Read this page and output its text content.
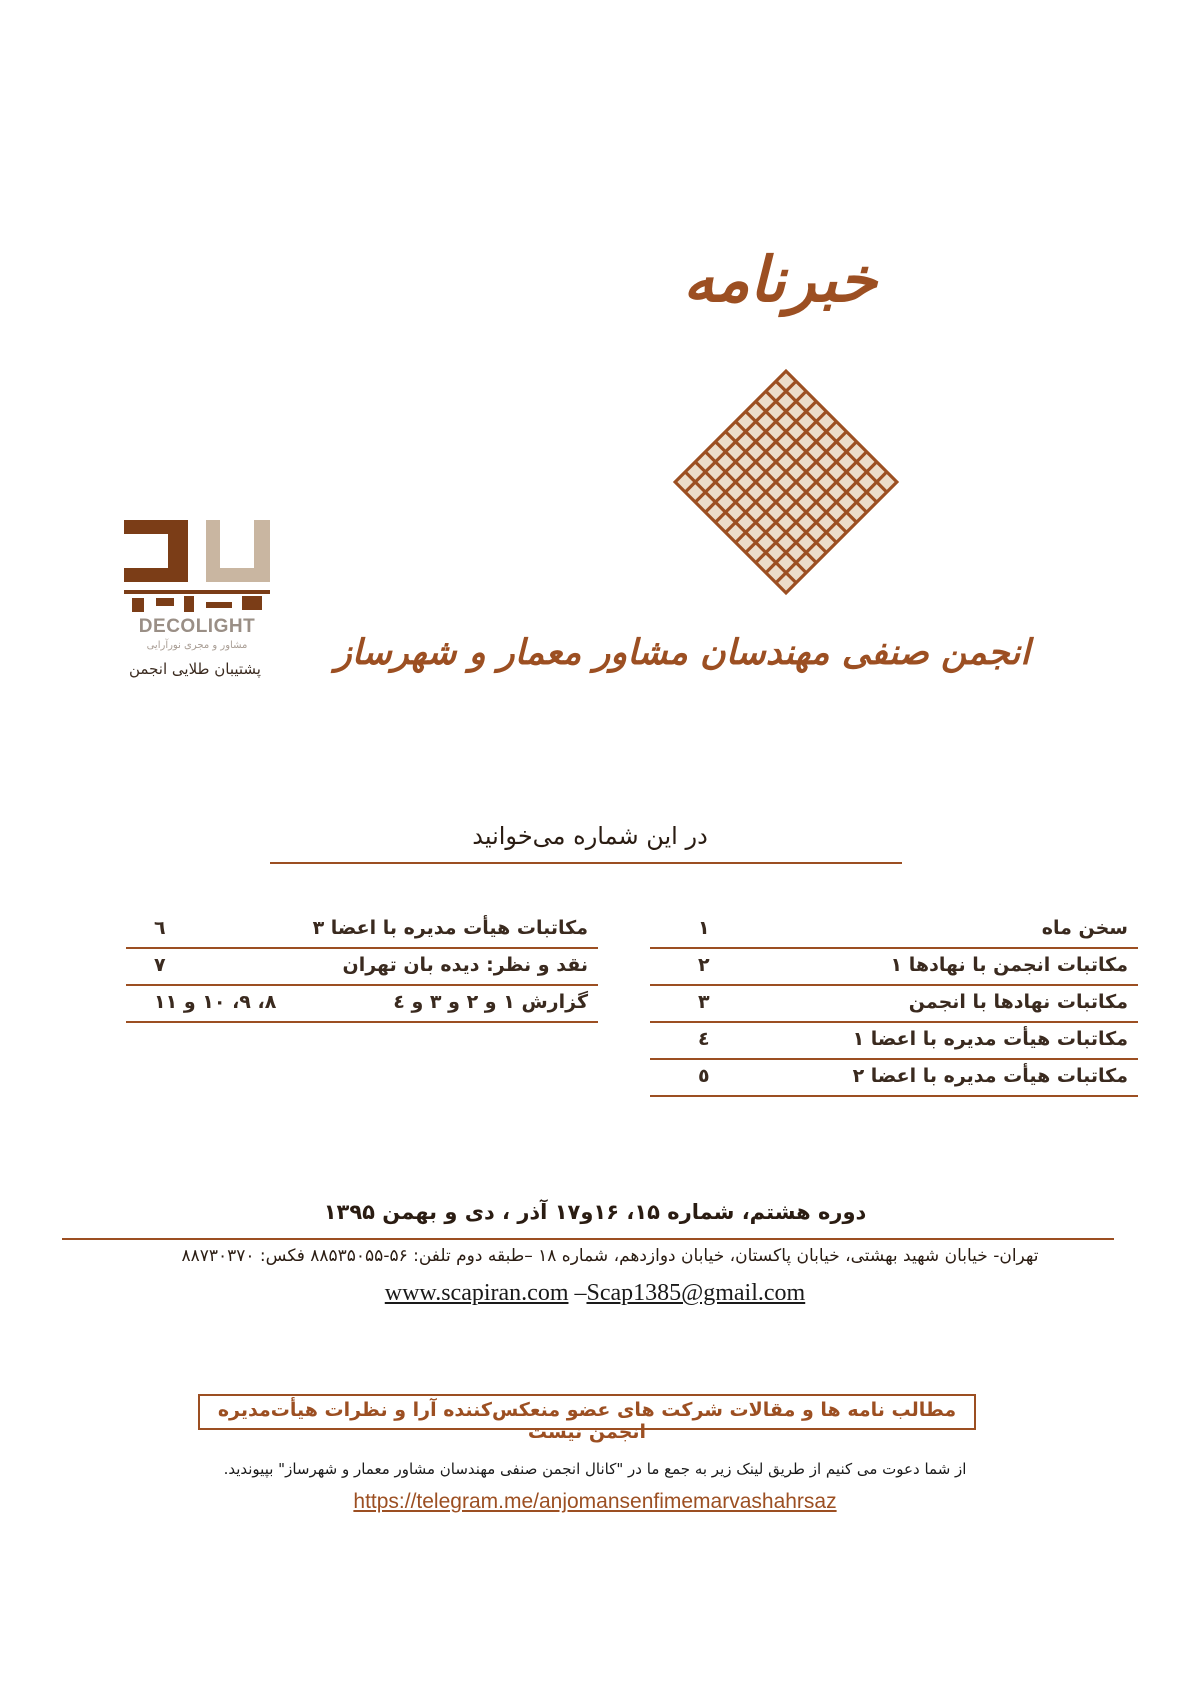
خبرنامه
انجمن صنفی مهندسان مشاور معمار و شهرساز
DECOLIGHT
مشاور و مجری نورآرایی
پشتیبان طلایی انجمن
در این شماره می‌خوانید
سخن ماه
۱
مکاتبات انجمن با نهادها ۱
۲
مکاتبات نهادها با انجمن
۳
مکاتبات هیأت مدیره با اعضا ۱
٤
مکاتبات هیأت مدیره با اعضا ۲
٥
مکاتبات هیأت مدیره با اعضا ۳
٦
نقد و نظر: دیده بان تهران
۷
گزارش ۱ و ۲ و ۳ و ٤
۸، ۹، ۱۰ و ۱۱
دوره هشتم، شماره ۱۵، ۱۶و۱۷ آذر ، دی و بهمن ۱۳۹۵
تهران- خیابان شهید بهشتی، خیابان پاکستان، خیابان دوازدهم، شماره ۱۸ –طبقه دوم تلفن: ۵۶-۸۸۵۳۵۰۵۵ فکس: ۸۸۷۳۰۳۷۰
www.scapiran.com –Scap1385@gmail.com
مطالب نامه ها و مقالات شرکت های عضو منعکس‌کننده آرا و نظرات هیأت‌مدیره انجمن نیست
از شما دعوت می کنیم از طریق لینک زیر به جمع ما در "کانال انجمن صنفی مهندسان مشاور معمار و شهرساز" بپیوندید.
https://telegram.me/anjomansenfimemarvashahrsaz
